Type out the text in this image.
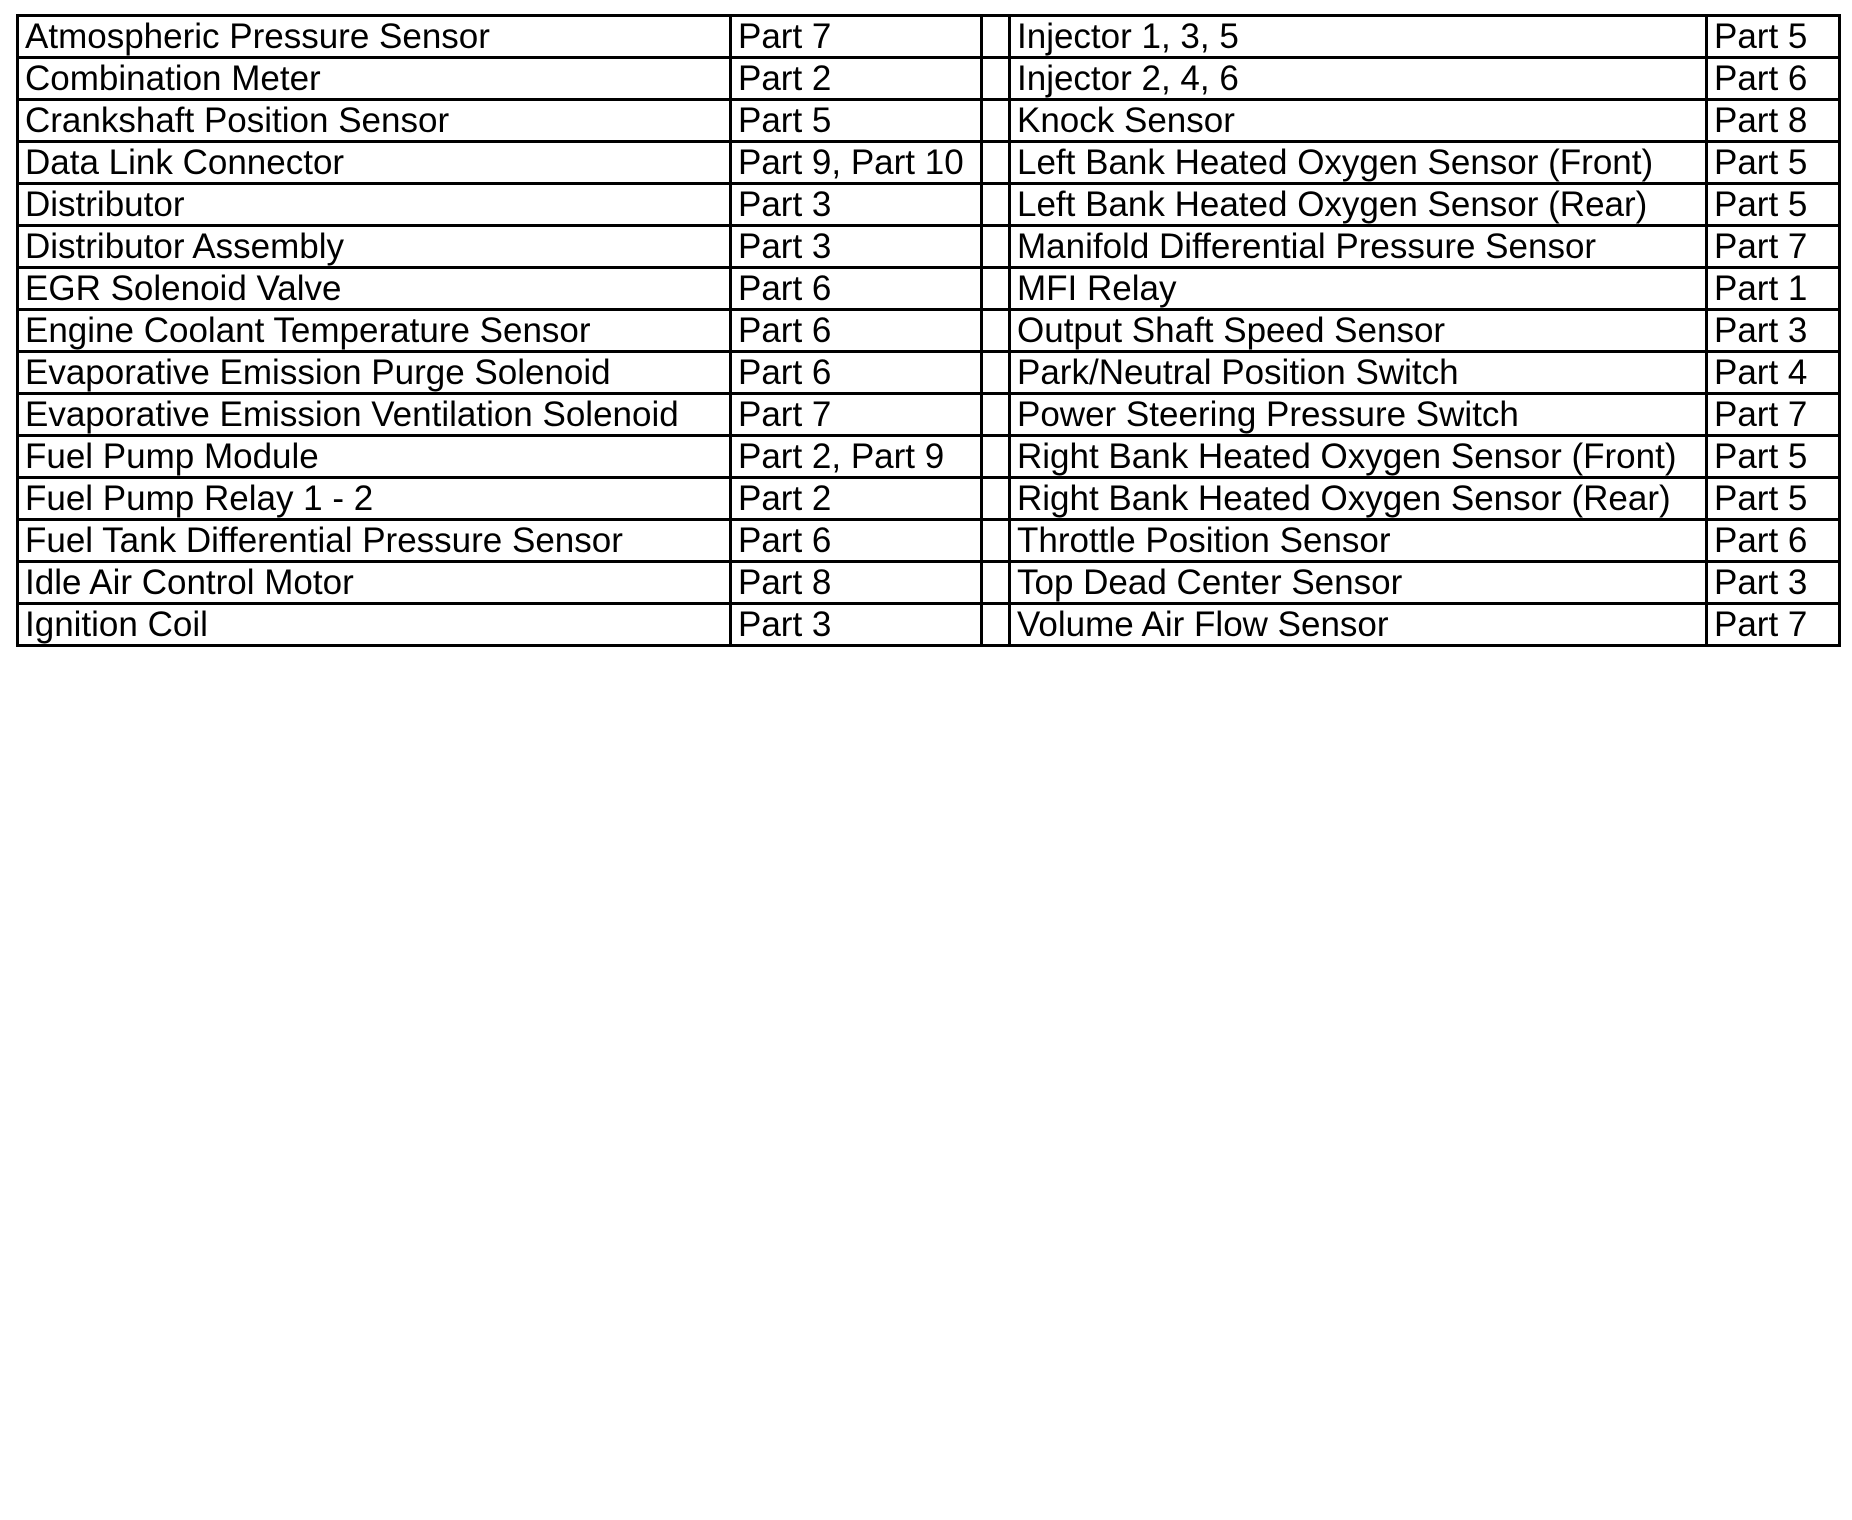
Atmospheric Pressure Sensor	Part 7		Injector 1, 3, 5	Part 5
Combination Meter	Part 2		Injector 2, 4, 6	Part 6
Crankshaft Position Sensor	Part 5		Knock Sensor	Part 8
Data Link Connector	Part 9, Part 10		Left Bank Heated Oxygen Sensor (Front)	Part 5
Distributor	Part 3		Left Bank Heated Oxygen Sensor (Rear)	Part 5
Distributor Assembly	Part 3		Manifold Differential Pressure Sensor	Part 7
EGR Solenoid Valve	Part 6		MFI Relay	Part 1
Engine Coolant Temperature Sensor	Part 6		Output Shaft Speed Sensor	Part 3
Evaporative Emission Purge Solenoid	Part 6		Park/Neutral Position Switch	Part 4
Evaporative Emission Ventilation Solenoid	Part 7		Power Steering Pressure Switch	Part 7
Fuel Pump Module	Part 2, Part 9		Right Bank Heated Oxygen Sensor (Front)	Part 5
Fuel Pump Relay 1 - 2	Part 2		Right Bank Heated Oxygen Sensor (Rear)	Part 5
Fuel Tank Differential Pressure Sensor	Part 6		Throttle Position Sensor	Part 6
Idle Air Control Motor	Part 8		Top Dead Center Sensor	Part 3
Ignition Coil	Part 3		Volume Air Flow Sensor	Part 7
